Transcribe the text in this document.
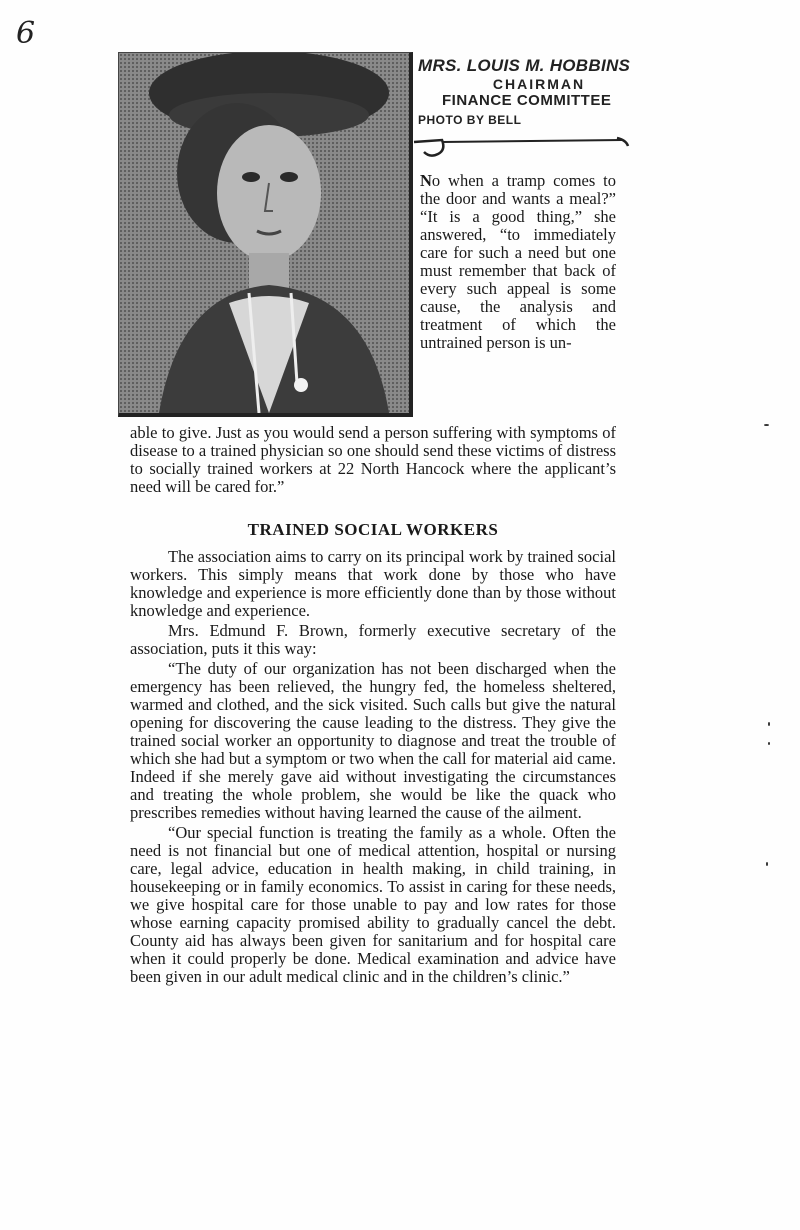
6
MRS. LOUIS M. HOBBINS
CHAIRMAN
FINANCE COMMITTEE
PHOTO BY BELL

No when a tramp comes to the door and wants a meal?” “It is a good thing,” she answered, “to immediately care for such a need but one must remember that back of every such appeal is some cause, the analysis and treatment of which the untrained person is un-

able to give. Just as you would send a person suffering with symptoms of disease to a trained physician so one should send these victims of distress to socially trained workers at 22 North Hancock where the applicant’s need will be cared for.”

TRAINED SOCIAL WORKERS

The association aims to carry on its principal work by trained social workers. This simply means that work done by those who have knowledge and experience is more efficiently done than by those without knowledge and experience.

Mrs. Edmund F. Brown, formerly executive secretary of the association, puts it this way:

“The duty of our organization has not been discharged when the emergency has been relieved, the hungry fed, the homeless sheltered, warmed and clothed, and the sick visited. Such calls but give the natural opening for discovering the cause leading to the distress. They give the trained social worker an opportunity to diagnose and treat the trouble of which she had but a symptom or two when the call for material aid came. Indeed if she merely gave aid without investigating the circumstances and treating the whole problem, she would be like the quack who prescribes remedies without having learned the cause of the ailment.

“Our special function is treating the family as a whole. Often the need is not financial but one of medical attention, hospital or nursing care, legal advice, education in health making, in child training, in housekeeping or in family economics. To assist in caring for these needs, we give hospital care for those unable to pay and low rates for those whose earning capacity promised ability to gradually cancel the debt. County aid has always been given for sanitarium and for hospital care when it could properly be done. Medical examination and advice have been given in our adult medical clinic and in the children’s clinic.”
